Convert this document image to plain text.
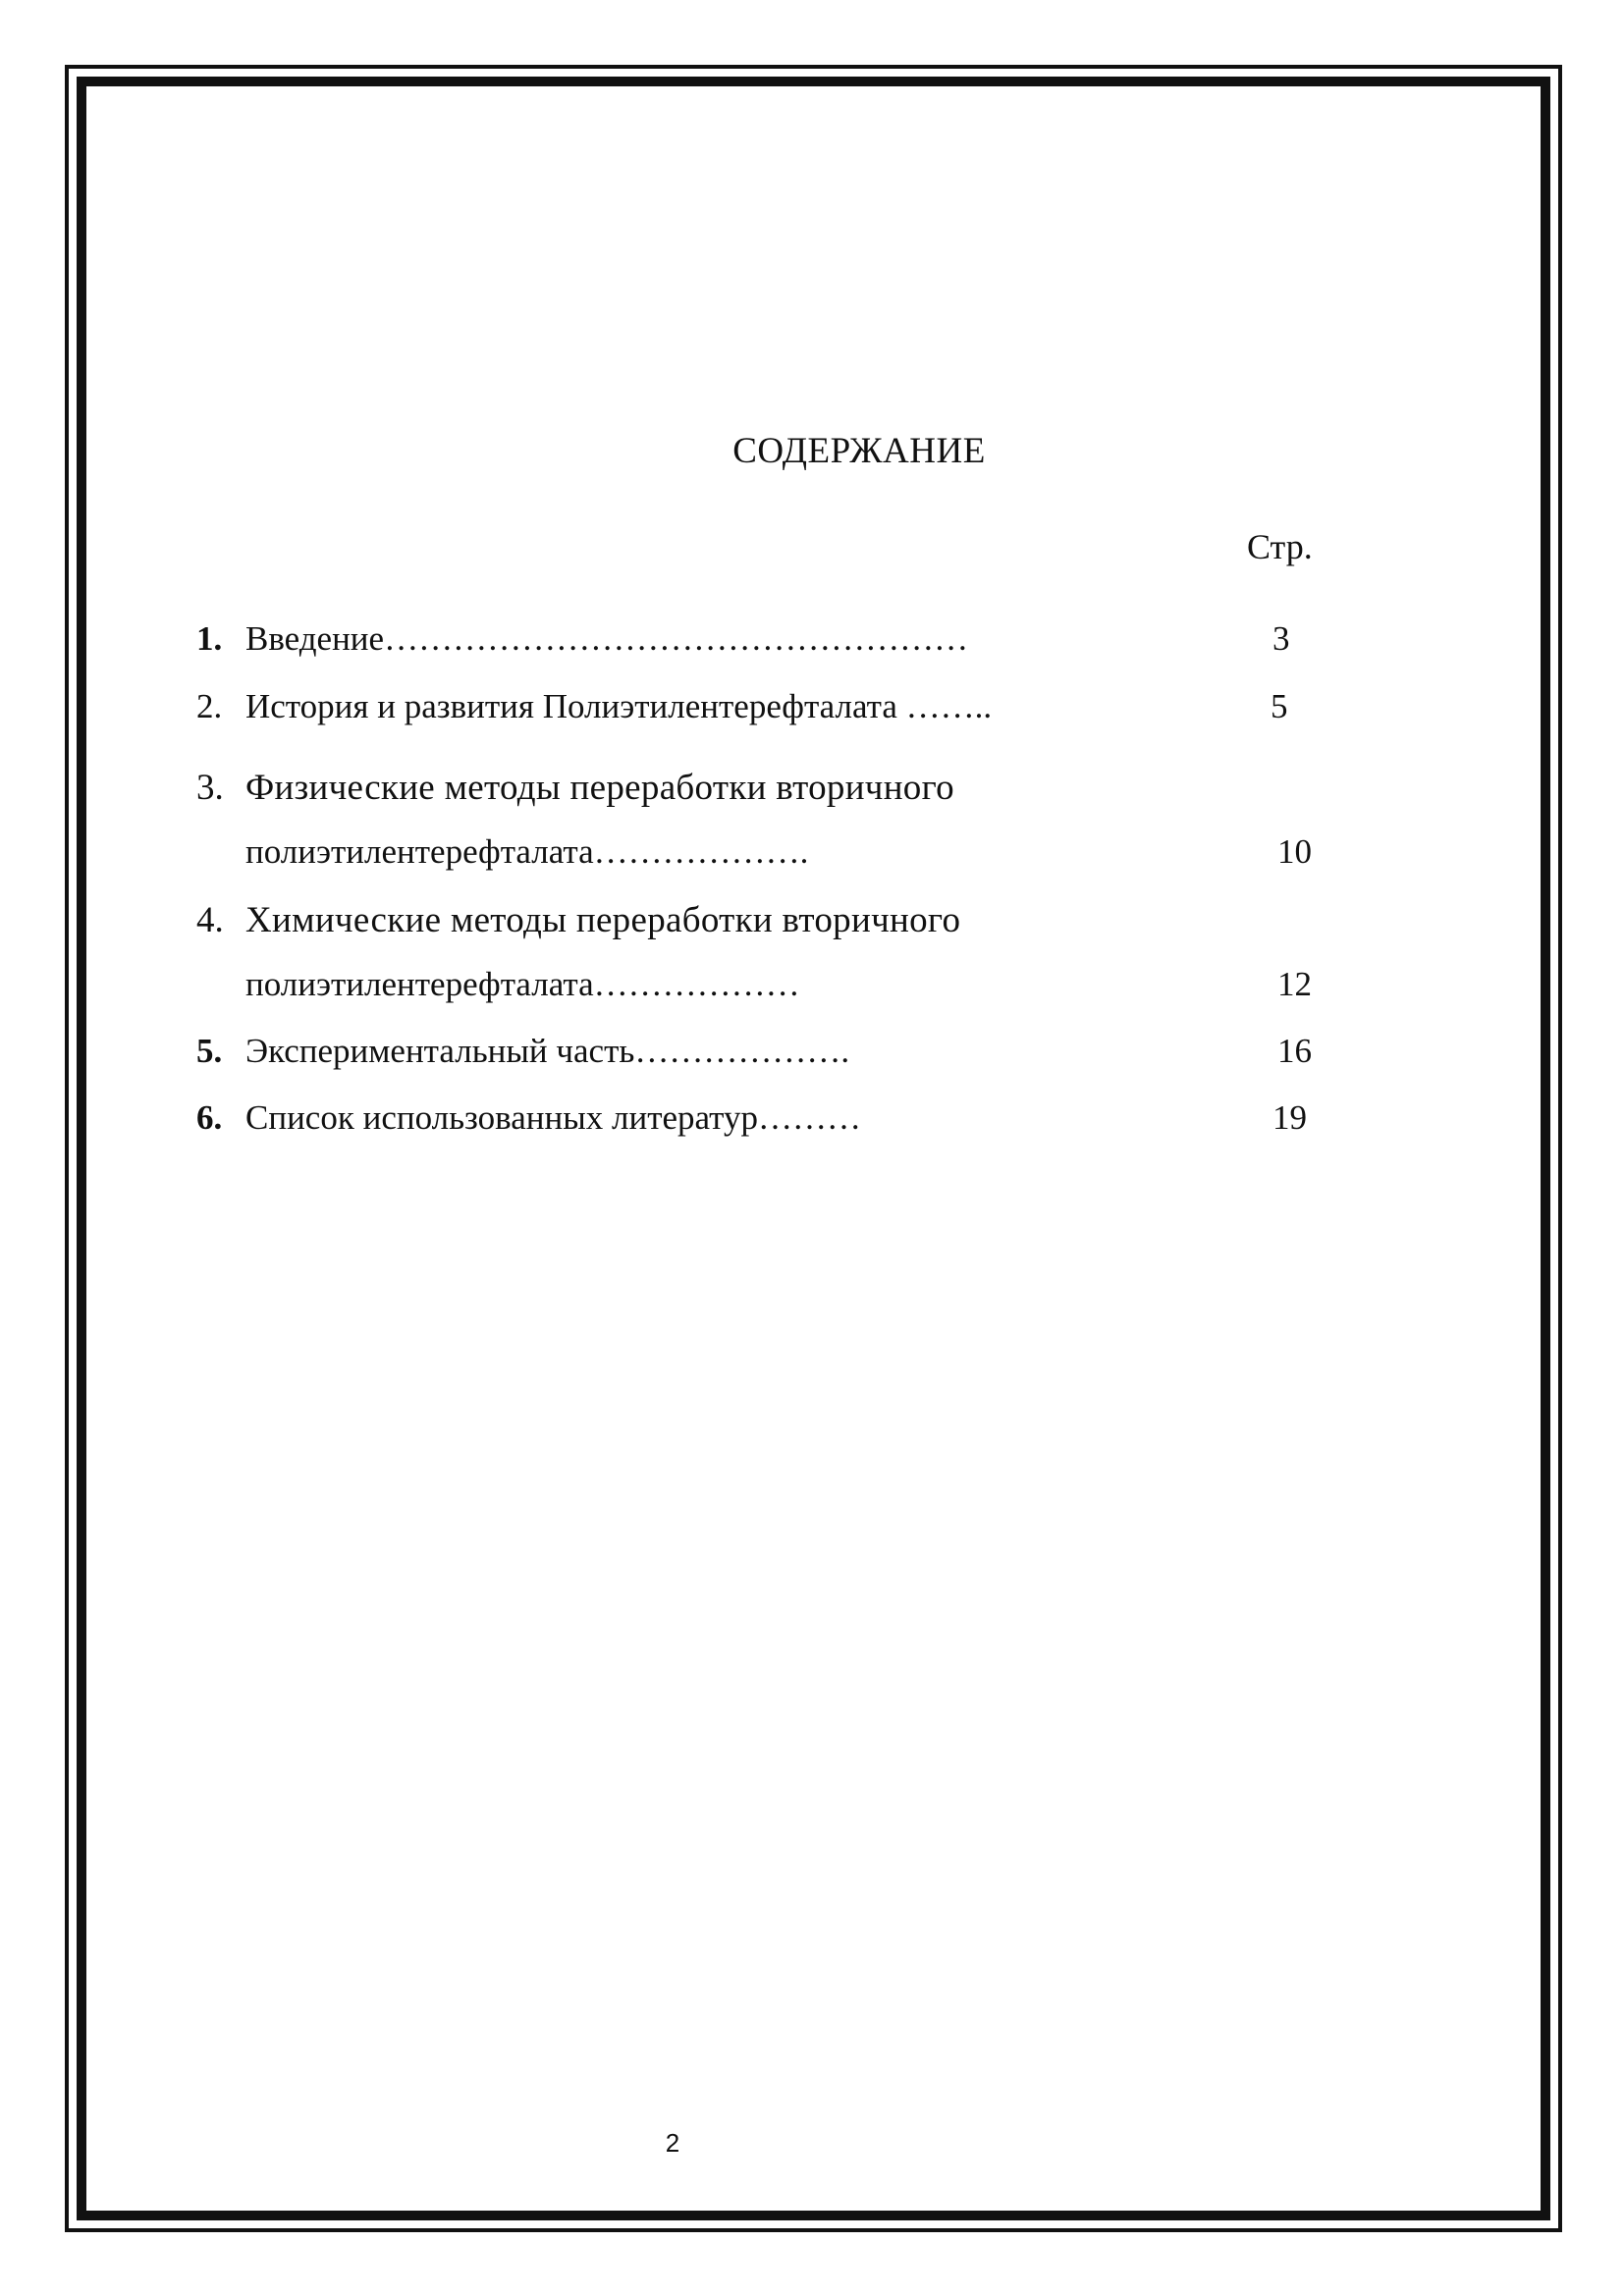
СОДЕРЖАНИЕ
Стр.
1. Введение……………………………………………	3
2. История и развития Полиэтилентерефталата ……..	5
3. Физические методы переработки вторичного
полиэтилентерефталата……………….	10
4. Химические методы переработки вторичного
полиэтилентерефталата………………	12
5. Экспериментальный часть……………….	16
6. Список использованных литератур………	19
2
